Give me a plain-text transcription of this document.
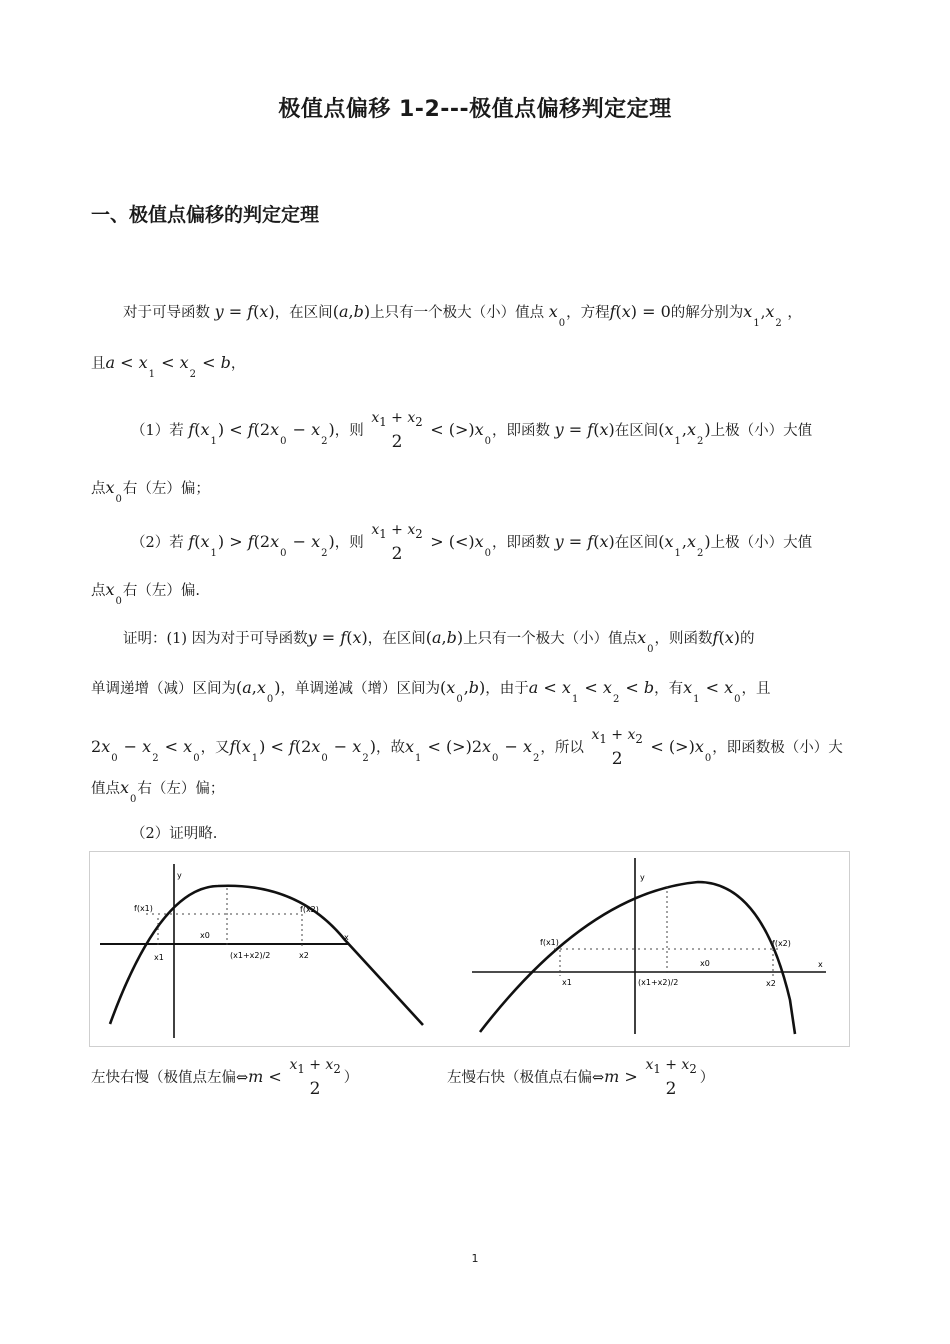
极值点偏移 1-2---极值点偏移判定定理
一、极值点偏移的判定定理
对于可导函数 y = f(x)，在区间(a,b)上只有一个极大（小）值点 $x_0$，方程f(x) = 0的解分别为$x_1,x_2$ ，
且$a < x_1 < x_2 < b$，
（1）若 $f(x_1) < f(2x_0 - x_2)$，则
$x_1 + x_2$
2
< $(>)x_0$，即函数 y = f(x)在区间$(x_1,x_2)$上极（小）大值
点$x_0$右（左）偏；
（2）若 $f(x_1) > f(2x_0 - x_2)$，则
$x_1 + x_2$
2
> $(<)x_0$，即函数 y = f(x)在区间$(x_1,x_2)$上极（小）大值
点$x_0$右（左）偏.
证明：(1) 因为对于可导函数y = f(x)，在区间(a,b)上只有一个极大（小）值点$x_0$，则函数f(x)的
单调递增（减）区间为$(a,x_0)$，单调递减（增）区间为$(x_0,b)$，由于$a < x_1 < x_2 < b$，有$x_1 < x_0$，且
$2x_0 - x_2 < x_0$，又$f(x_1) < f(2x_0 - x_2)$，故$x_1 < (>)2x_0 - x_2$，所以
$x_1 + x_2$
2
< $(>)x_0$，即函数极（小）大
值点$x_0$右（左）偏；
（2）证明略.
f(x1)	f(x2)
x1
x0
(x1+x2)/2	x2
x
y
f(x1)	f(x2)
x1
x0
(x1+x2)/2	x2
x
y
左快右慢（极值点左偏⇔m <
$x_1 + x_2$
2
）	左慢右快（极值点右偏⇔m >
$x_1 + x_2$
2
）
1
